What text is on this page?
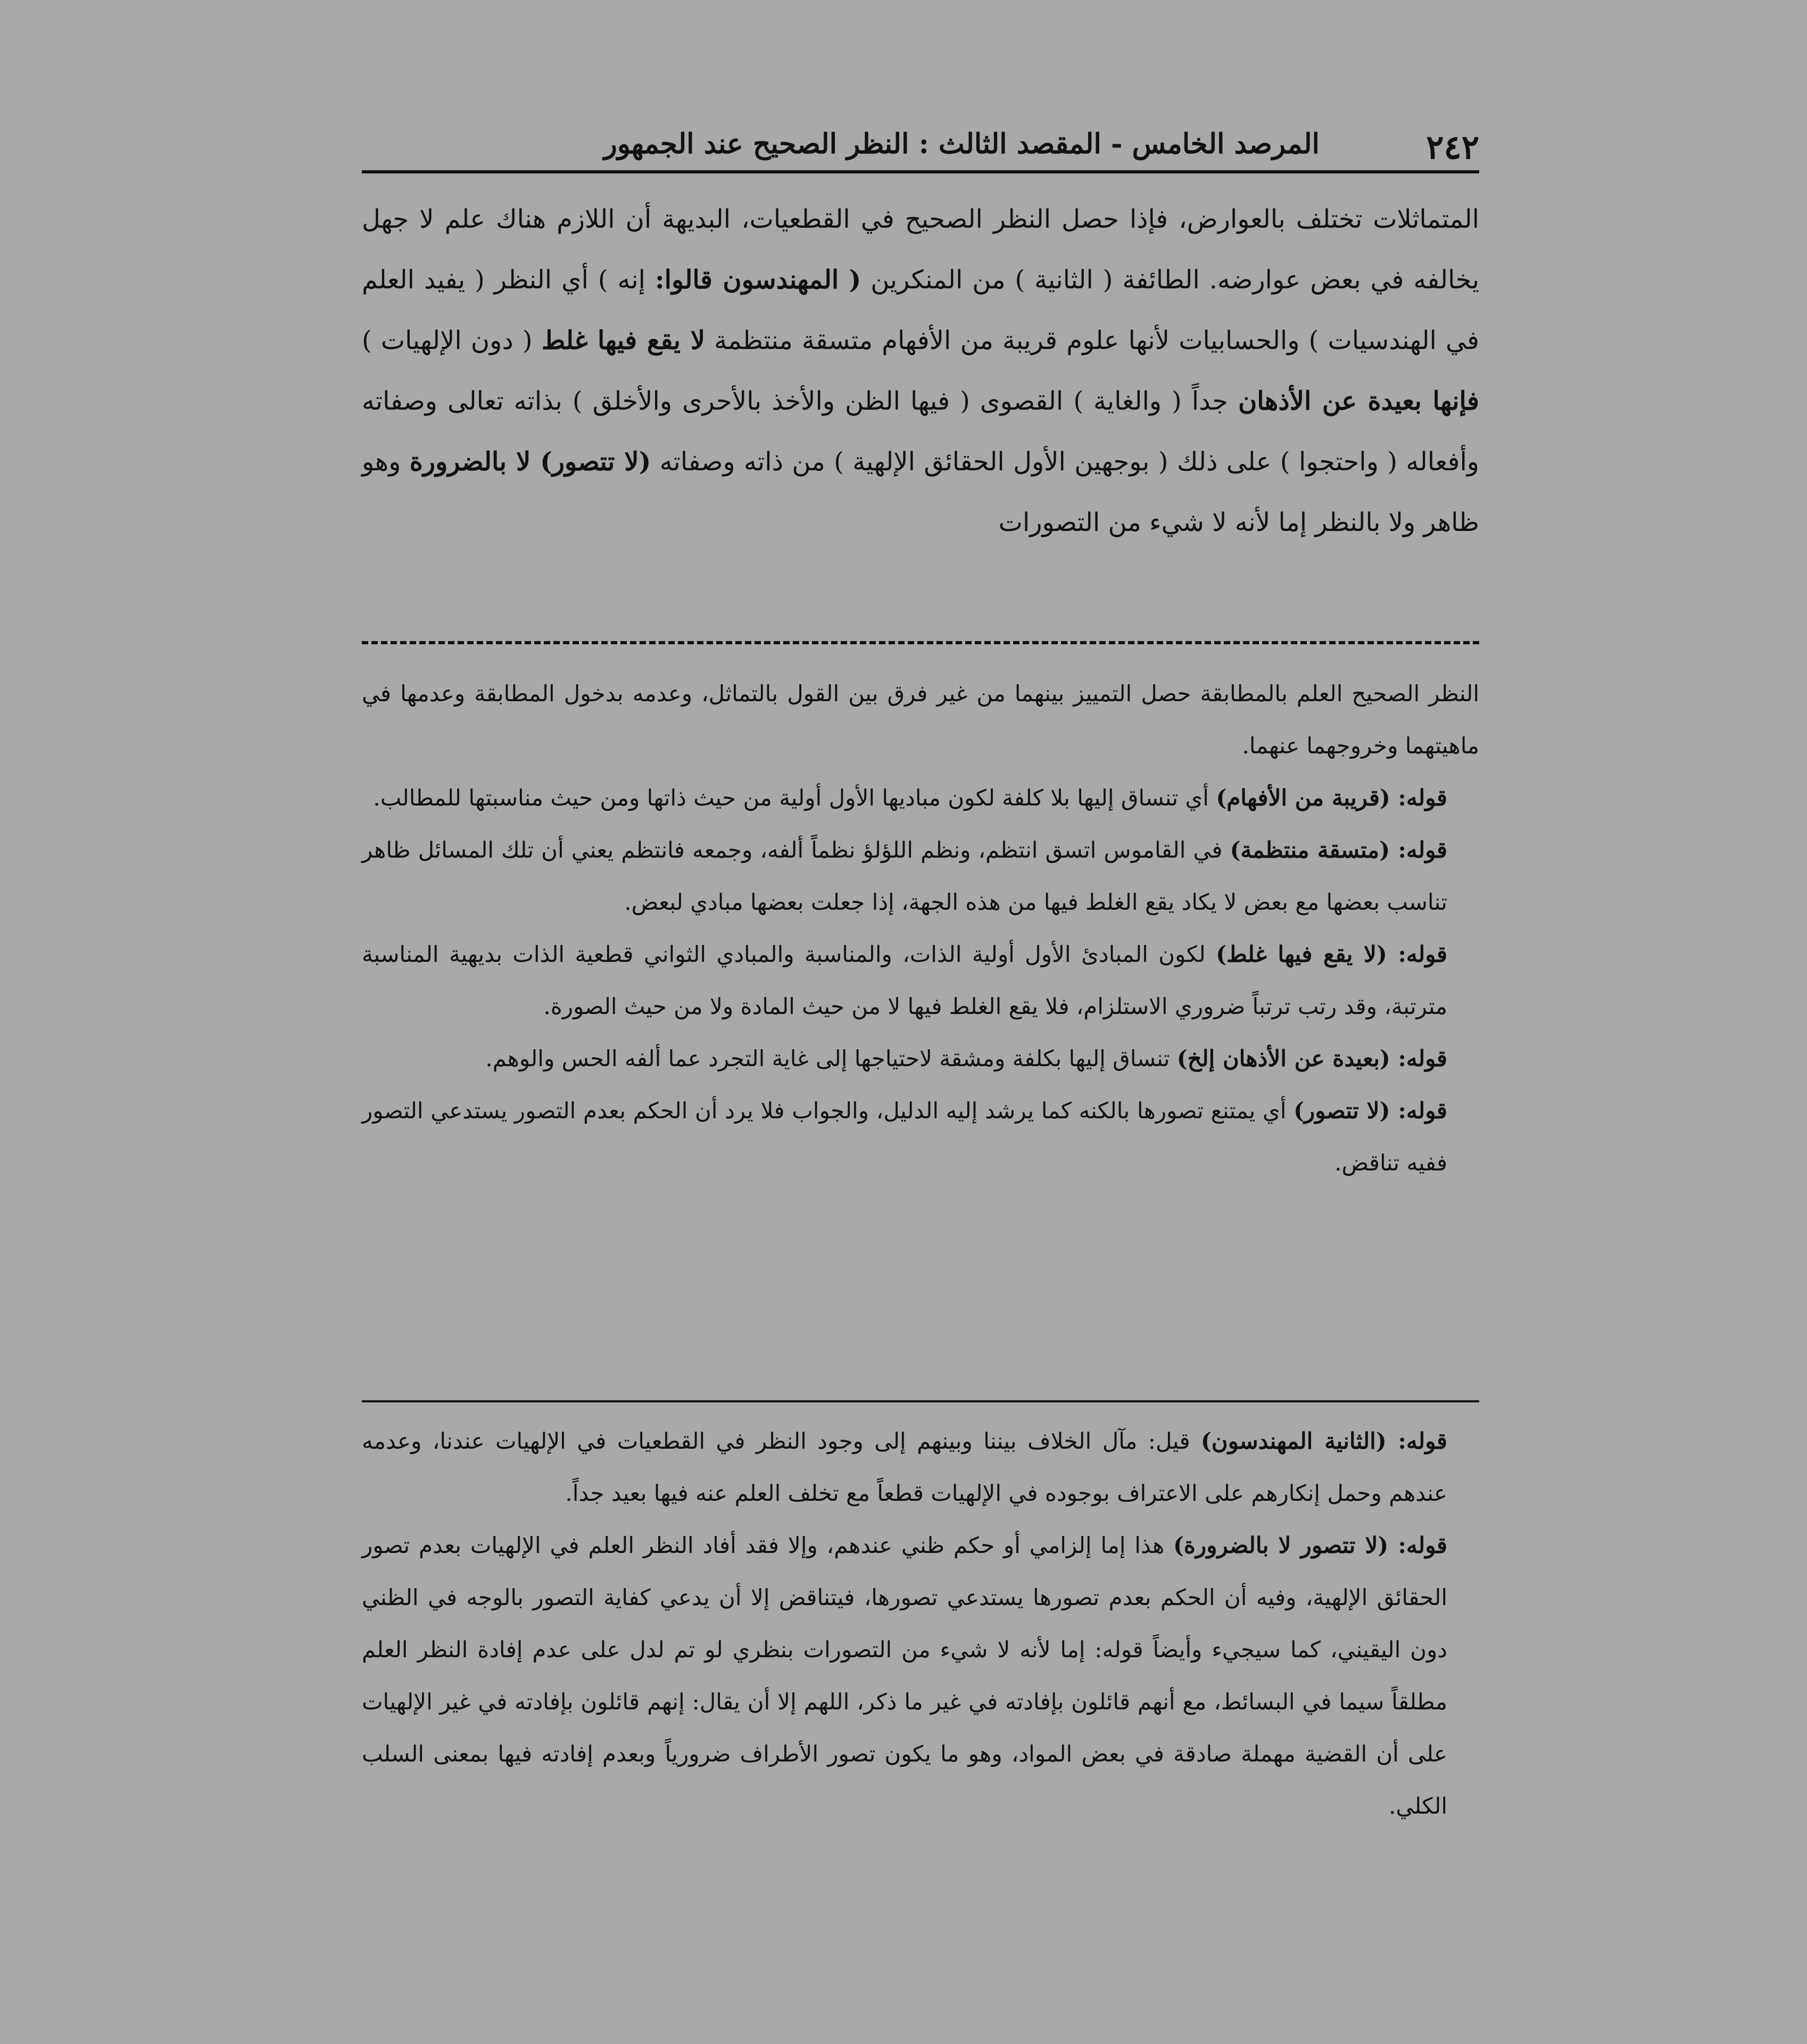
٢٤٢
المرصد الخامس - المقصد الثالث : النظر الصحيح عند الجمهور

المتماثلات تختلف بالعوارض، فإذا حصل النظر الصحيح في القطعيات، البديهة أن اللازم هناك علم لا جهل يخالفه في بعض عوارضه. الطائفة ( الثانية ) من المنكرين ( المهندسون قالوا: إنه ) أي النظر ( يفيد العلم في الهندسيات ) والحسابيات لأنها علوم قريبة من الأفهام متسقة منتظمة لا يقع فيها غلط ( دون الإلهيات ) فإنها بعيدة عن الأذهان جداً ( والغاية ) القصوى ( فيها الظن والأخذ بالأحرى والأخلق ) بذاته تعالى وصفاته وأفعاله ( واحتجوا ) على ذلك ( بوجهين الأول الحقائق الإلهية ) من ذاته وصفاته (لا تتصور) لا بالضرورة وهو ظاهر ولا بالنظر إما لأنه لا شيء من التصورات

النظر الصحيح العلم بالمطابقة حصل التمييز بينهما من غير فرق بين القول بالتماثل، وعدمه بدخول المطابقة وعدمها في ماهيتهما وخروجهما عنهما.

قوله: (قريبة من الأفهام) أي تنساق إليها بلا كلفة لكون مباديها الأول أولية من حيث ذاتها ومن حيث مناسبتها للمطالب.

قوله: (متسقة منتظمة) في القاموس اتسق انتظم، ونظم اللؤلؤ نظماً ألفه، وجمعه فانتظم يعني أن تلك المسائل ظاهر تناسب بعضها مع بعض لا يكاد يقع الغلط فيها من هذه الجهة، إذا جعلت بعضها مبادي لبعض.

قوله: (لا يقع فيها غلط) لكون المبادئ الأول أولية الذات، والمناسبة والمبادي الثواني قطعية الذات بديهية المناسبة مترتبة، وقد رتب ترتباً ضروري الاستلزام، فلا يقع الغلط فيها لا من حيث المادة ولا من حيث الصورة.

قوله: (بعيدة عن الأذهان إلخ) تنساق إليها بكلفة ومشقة لاحتياجها إلى غاية التجرد عما ألفه الحس والوهم.

قوله: (لا تتصور) أي يمتنع تصورها بالكنه كما يرشد إليه الدليل، والجواب فلا يرد أن الحكم بعدم التصور يستدعي التصور ففيه تناقض.

قوله: (الثانية المهندسون) قيل: مآل الخلاف بيننا وبينهم إلى وجود النظر في القطعيات في الإلهيات عندنا، وعدمه عندهم وحمل إنكارهم على الاعتراف بوجوده في الإلهيات قطعاً مع تخلف العلم عنه فيها بعيد جداً.

قوله: (لا تتصور لا بالضرورة) هذا إما إلزامي أو حكم ظني عندهم، وإلا فقد أفاد النظر العلم في الإلهيات بعدم تصور الحقائق الإلهية، وفيه أن الحكم بعدم تصورها يستدعي تصورها، فيتناقض إلا أن يدعي كفاية التصور بالوجه في الظني دون اليقيني، كما سيجيء وأيضاً قوله: إما لأنه لا شيء من التصورات بنظري لو تم لدل على عدم إفادة النظر العلم مطلقاً سيما في البسائط، مع أنهم قائلون بإفادته في غير ما ذكر، اللهم إلا أن يقال: إنهم قائلون بإفادته في غير الإلهيات على أن القضية مهملة صادقة في بعض المواد، وهو ما يكون تصور الأطراف ضرورياً وبعدم إفادته فيها بمعنى السلب الكلي.
